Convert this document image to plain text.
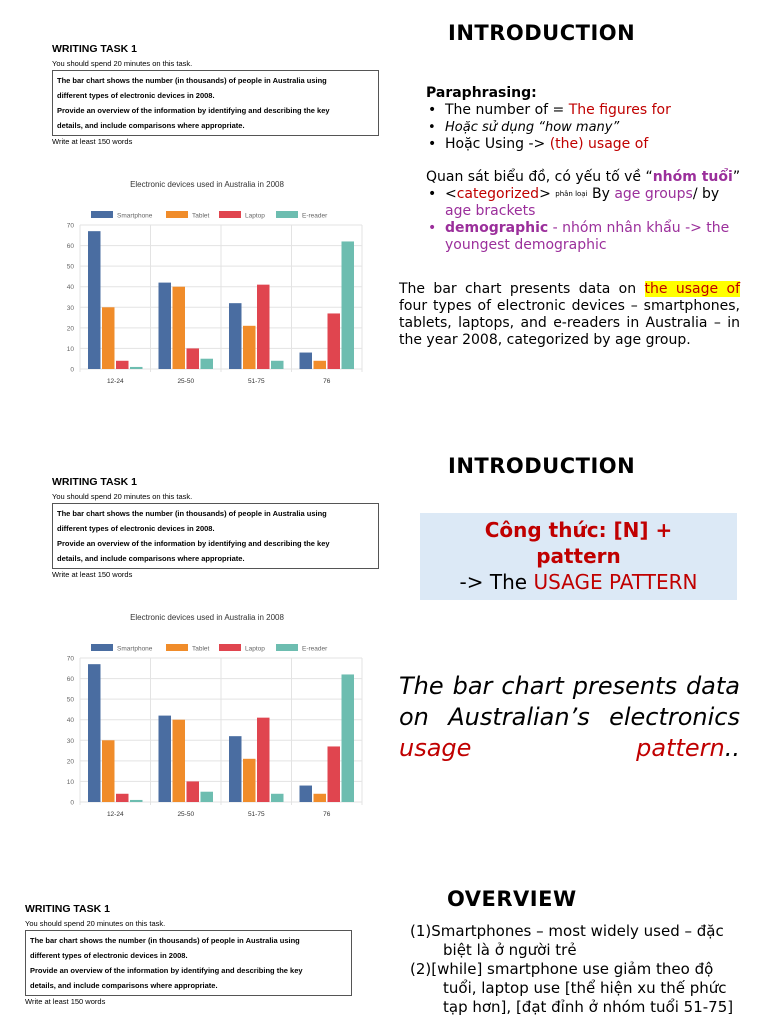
WRITING TASK 1
You should spend 20 minutes on this task.
The bar chart shows the number (in thousands) of people in Australia using
different types of electronic devices in 2008.
Provide an overview of the information by identifying and describing the key
details, and include comparisons where appropriate.
Write at least 150 words
Electronic devices used in Australia in 2008
Smartphone	Tablet	Laptop	E-reader
0
10
20
30
40
50
60
70
12-24	25-50	51-75	76
INTRODUCTION
Paraphrasing:
• The number of = The figures for
• Hoặc sử dụng “how many”
• Hoặc Using -> (the) usage of
Quan sát biểu đồ, có yếu tố về “nhóm tuổi”
• <categorized> $^{phân loại}$ By age groups/ by age brackets
• demographic - nhóm nhân khẩu -> the youngest demographic
The bar chart presents data on the usage of four types of electronic devices – smartphones, tablets, laptops, and e-readers in Australia – in the year 2008, categorized by age group.
WRITING TASK 1
You should spend 20 minutes on this task.
The bar chart shows the number (in thousands) of people in Australia using
different types of electronic devices in 2008.
Provide an overview of the information by identifying and describing the key
details, and include comparisons where appropriate.
Write at least 150 words
Electronic devices used in Australia in 2008
Smartphone	Tablet	Laptop	E-reader
0
10
20
30
40
50
60
70
12-24	25-50	51-75	76
INTRODUCTION
Công thức: [N] + pattern
-> The USAGE PATTERN
The bar chart presents data on Australian’s electronics usage pattern..
WRITING TASK 1
You should spend 20 minutes on this task.
The bar chart shows the number (in thousands) of people in Australia using
different types of electronic devices in 2008.
Provide an overview of the information by identifying and describing the key
details, and include comparisons where appropriate.
Write at least 150 words
OVERVIEW
(1)Smartphones – most widely used – đặc biệt là ở người trẻ
(2)[while] smartphone use giảm theo độ tuổi, laptop use [thể hiện xu thế phức tạp hơn], [đạt đỉnh ở nhóm tuổi 51-75]
